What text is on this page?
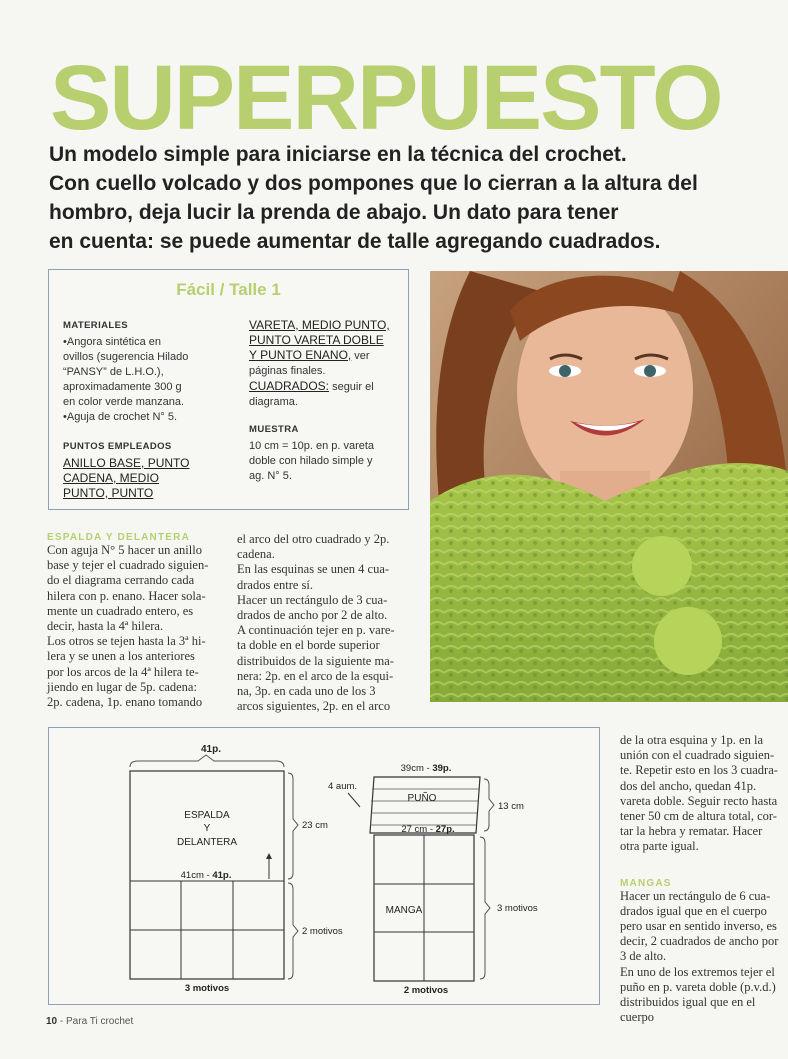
SUPERPUESTO
Un modelo simple para iniciarse en la técnica del crochet.
Con cuello volcado y dos pompones que lo cierran a la altura del
hombro, deja lucir la prenda de abajo. Un dato para tener
en cuenta: se puede aumentar de talle agregando cuadrados.
Fácil / Talle 1

MATERIALES

•Angora sintética en

ovillos (sugerencia Hilado

“PANSY” de L.H.O.),

aproximadamente 300 g

en color verde manzana.

•Aguja de crochet N° 5.

PUNTOS EMPLEADOS

ANILLO BASE, PUNTO

CADENA, MEDIO

PUNTO, PUNTO

VARETA, MEDIO PUNTO,

PUNTO VARETA DOBLE

Y PUNTO ENANO, ver

páginas finales.

CUADRADOS: seguir el

diagrama.

MUESTRA

10 cm = 10p. en p. vareta

doble con hilado simple y

ag. N° 5.

ESPALDA Y DELANTERA

Con aguja N° 5 hacer un anillo

base y tejer el cuadrado siguien-

do el diagrama cerrando cada

hilera con p. enano. Hacer sola-

mente un cuadrado entero, es

decir, hasta la 4ª hilera.

Los otros se tejen hasta la 3ª hi-

lera y se unen a los anteriores

por los arcos de la 4ª hilera te-

jiendo en lugar de 5p. cadena:

2p. cadena, 1p. enano tomando

el arco del otro cuadrado y 2p.

cadena.

En las esquinas se unen 4 cua-

drados entre sí.

Hacer un rectángulo de 3 cua-

drados de ancho por 2 de alto.

A continuación tejer en p. vare-

ta doble en el borde superior

distribuidos de la siguiente ma-

nera: 2p. en el arco de la esqui-

na, 3p. en cada uno de los 3

arcos siguientes, 2p. en el arco

de la otra esquina y 1p. en la

unión con el cuadrado siguien-

te. Repetir esto en los 3 cuadra-

dos del ancho, quedan 41p.

vareta doble. Seguir recto hasta

tener 50 cm de altura total, cor-

tar la hebra y rematar. Hacer

otra parte igual.

MANGAS

Hacer un rectángulo de 6 cua-

drados igual que en el cuerpo

pero usar en sentido inverso, es

decir, 2 cuadrados de ancho por

3 de alto.

En uno de los extremos tejer el

puño en p. vareta doble (p.v.d.)

distribuidos igual que en el cuerpo

41p.
ESPALDA
Y
DELANTERA
41cm - 41p.
23 cm
2 motivos
3 motivos
4 aum.
39cm - 39p.
PUÑO
27 cm - 27p.
13 cm
MANGA	3 motivos
2 motivos
10 - Para Ti crochet
